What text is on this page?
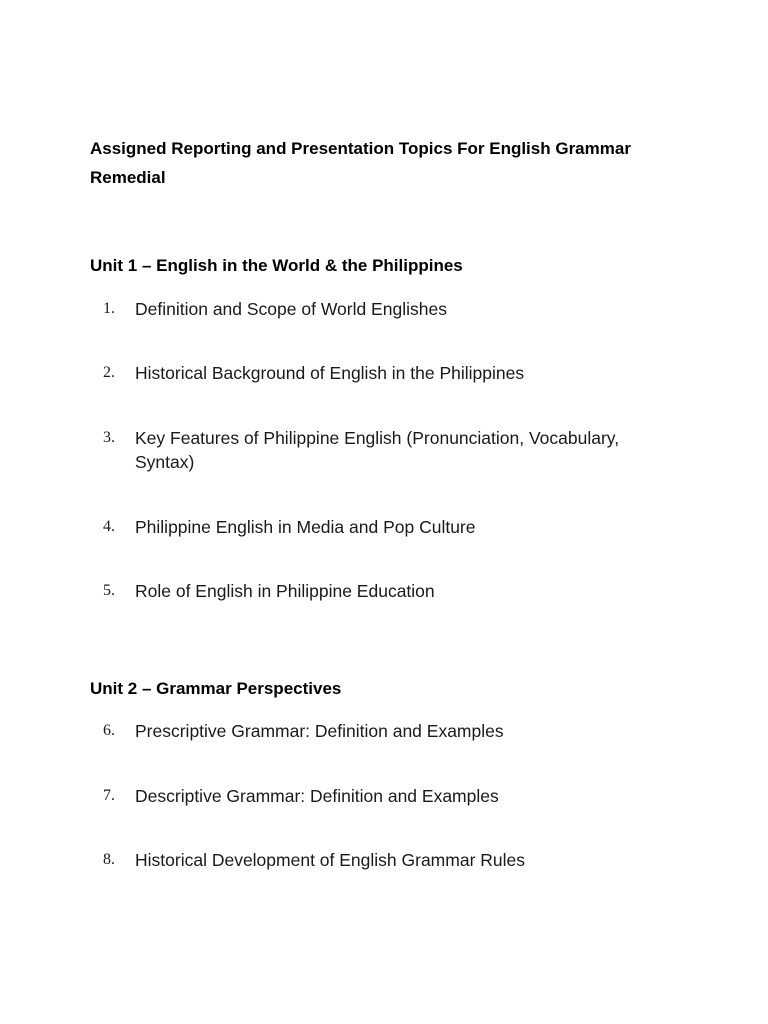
Assigned Reporting and Presentation Topics For English Grammar Remedial
Unit 1 – English in the World & the Philippines
1. Definition and Scope of World Englishes
2. Historical Background of English in the Philippines
3. Key Features of Philippine English (Pronunciation, Vocabulary, Syntax)
4. Philippine English in Media and Pop Culture
5. Role of English in Philippine Education
Unit 2 – Grammar Perspectives
6. Prescriptive Grammar: Definition and Examples
7. Descriptive Grammar: Definition and Examples
8. Historical Development of English Grammar Rules
